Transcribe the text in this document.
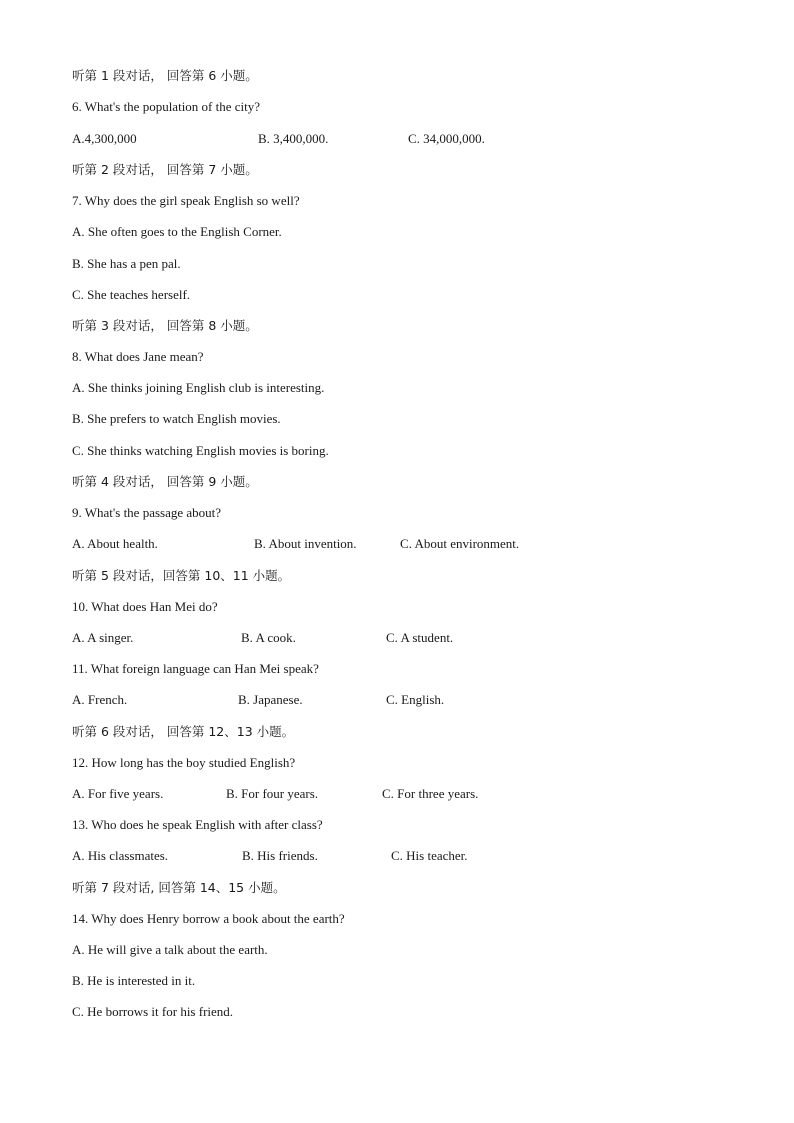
听第 1 段对话， 回答第 6 小题。
6. What's the population of the city?
A.4,300,000	B. 3,400,000.	C. 34,000,000.
听第 2 段对话， 回答第 7 小题。
7. Why does the girl speak English so well?
A. She often goes to the English Corner.
B. She has a pen pal.
C. She teaches herself.
听第 3 段对话， 回答第 8 小题。
8. What does Jane mean?
A. She thinks joining English club is interesting.
B. She prefers to watch English movies.
C. She thinks watching English movies is boring.
听第 4 段对话， 回答第 9 小题。
9. What's the passage about?
A. About health.	B. About invention.	C. About environment.
听第 5 段对话，回答第 10、11 小题。
10. What does Han Mei do?
A. A singer.	B. A cook.	C. A student.
11. What foreign language can Han Mei speak?
A. French.	B. Japanese.	C. English.
听第 6 段对话， 回答第 12、13 小题。
12. How long has the boy studied English?
A. For five years.	B. For four years.	C. For three years.
13. Who does he speak English with after class?
A. His classmates.	B. His friends.	C. His teacher.
听第 7 段对话, 回答第 14、15 小题。
14. Why does Henry borrow a book about the earth?
A. He will give a talk about the earth.
B. He is interested in it.
C. He borrows it for his friend.
